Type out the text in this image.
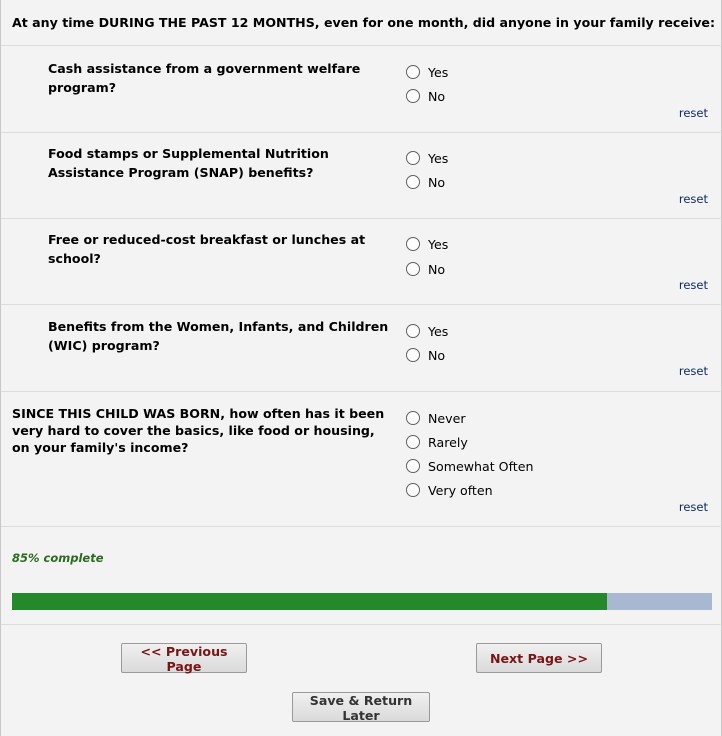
At any time DURING THE PAST 12 MONTHS, even for one month, did anyone in your family receive:
Cash assistance from a government welfare program?
Yes
No
reset
Food stamps or Supplemental Nutrition Assistance Program (SNAP) benefits?
Yes
No
reset
Free or reduced-cost breakfast or lunches at school?
Yes
No
reset
Benefits from the Women, Infants, and Children (WIC) program?
Yes
No
reset
SINCE THIS CHILD WAS BORN, how often has it been very hard to cover the basics, like food or housing, on your family's income?
Never
Rarely
Somewhat Often
Very often
reset
85% complete
<< Previous Page
Next Page >>
Save & Return Later
